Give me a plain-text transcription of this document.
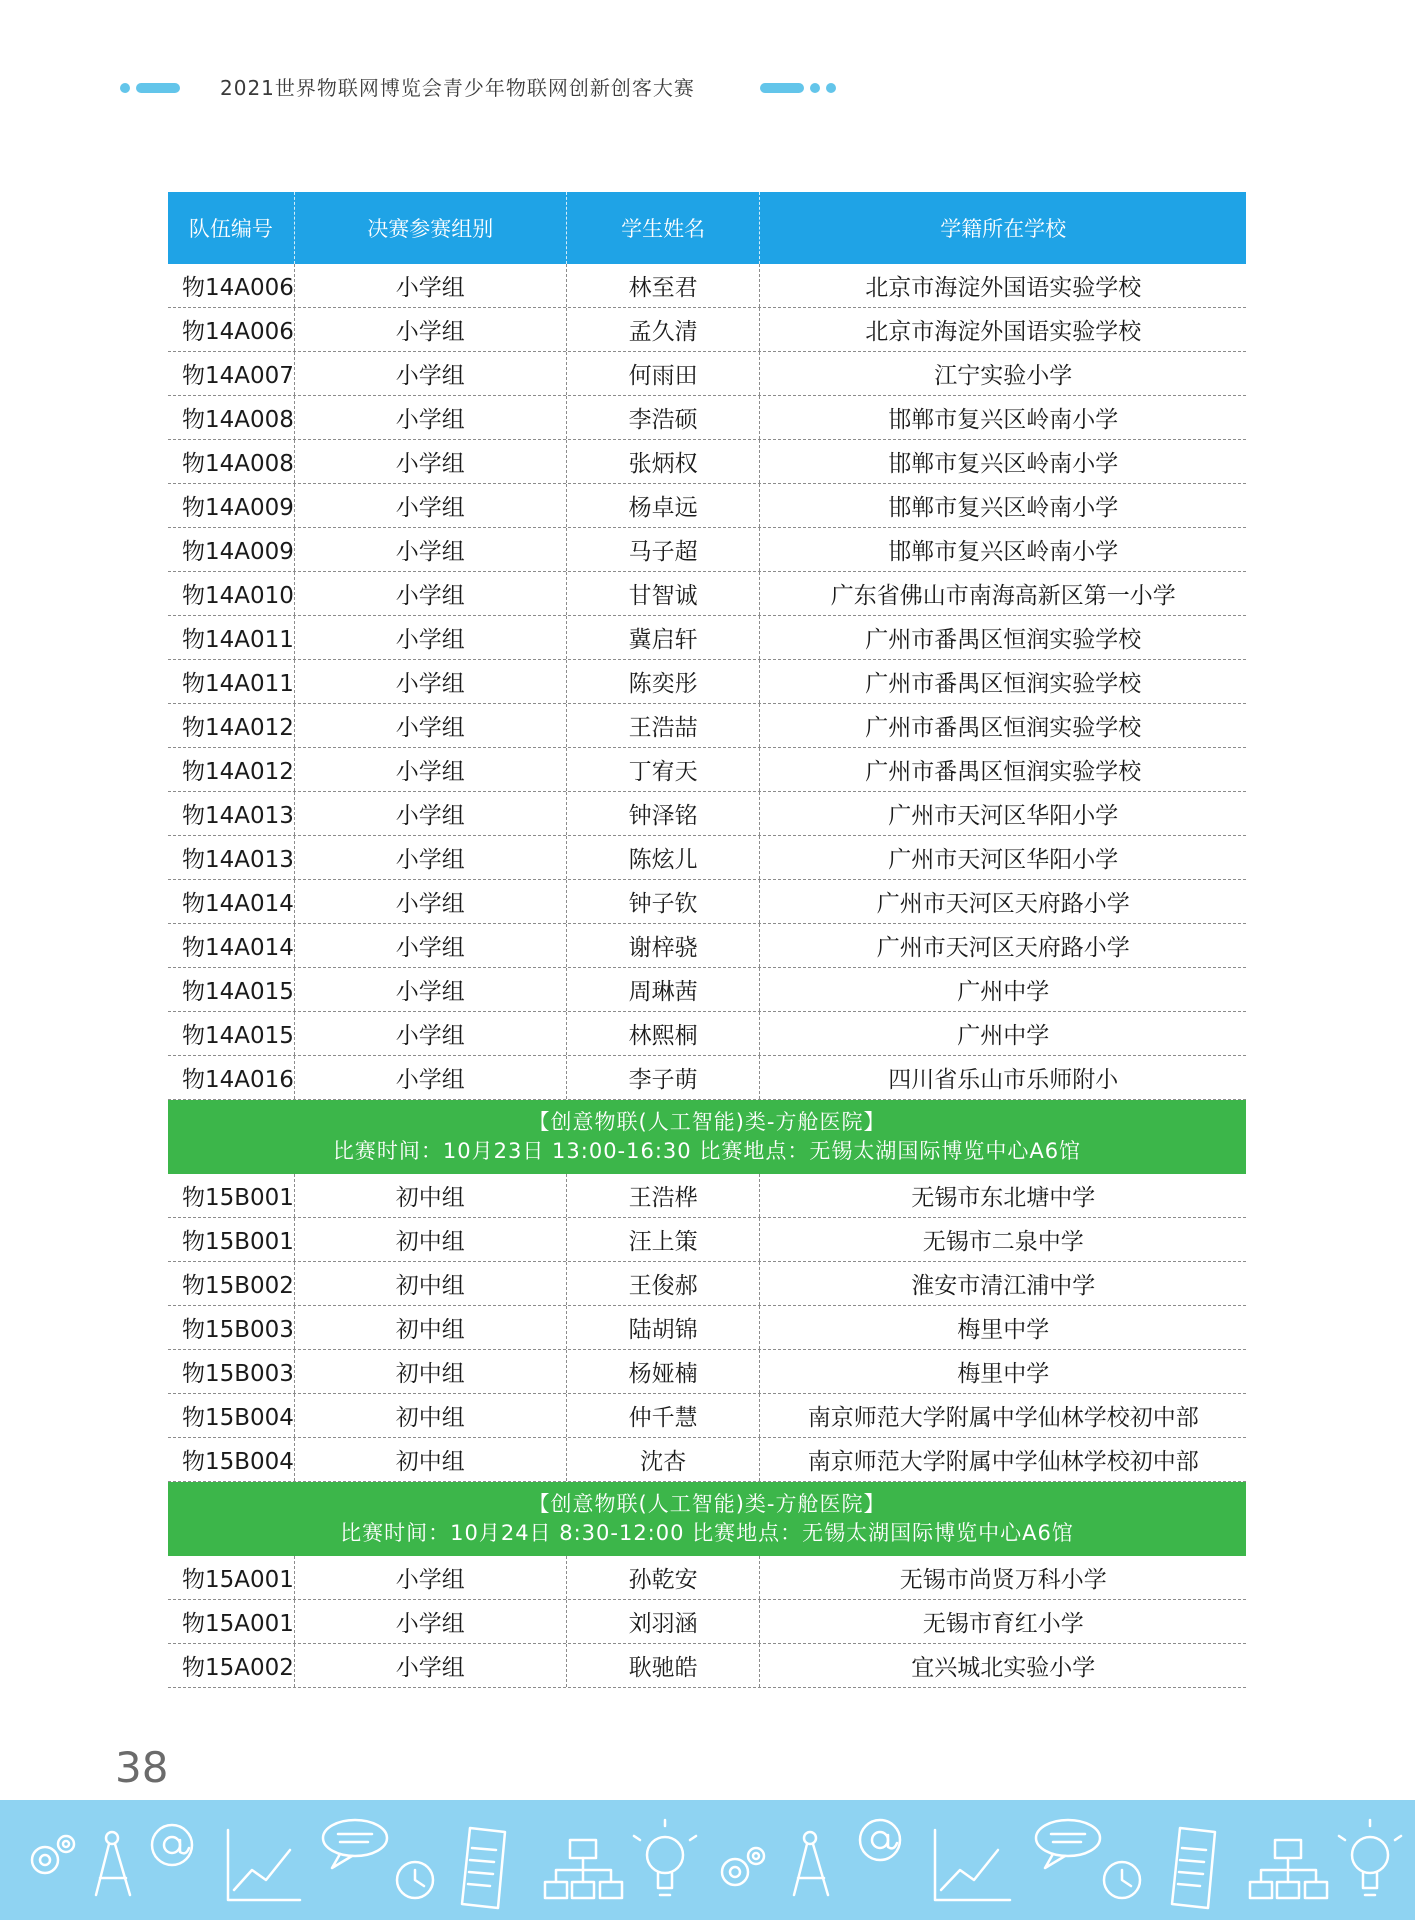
2021世界物联网博览会青少年物联网创新创客大赛
队伍编号	决赛参赛组别	学生姓名	学籍所在学校
物14A006	小学组	林至君	北京市海淀外国语实验学校
物14A006	小学组	孟久清	北京市海淀外国语实验学校
物14A007	小学组	何雨田	江宁实验小学
物14A008	小学组	李浩硕	邯郸市复兴区岭南小学
物14A008	小学组	张炳权	邯郸市复兴区岭南小学
物14A009	小学组	杨卓远	邯郸市复兴区岭南小学
物14A009	小学组	马子超	邯郸市复兴区岭南小学
物14A010	小学组	甘智诚	广东省佛山市南海高新区第一小学
物14A011	小学组	冀启轩	广州市番禺区恒润实验学校
物14A011	小学组	陈奕彤	广州市番禺区恒润实验学校
物14A012	小学组	王浩喆	广州市番禺区恒润实验学校
物14A012	小学组	丁宥天	广州市番禺区恒润实验学校
物14A013	小学组	钟泽铭	广州市天河区华阳小学
物14A013	小学组	陈炫儿	广州市天河区华阳小学
物14A014	小学组	钟子钦	广州市天河区天府路小学
物14A014	小学组	谢梓骁	广州市天河区天府路小学
物14A015	小学组	周琳茜	广州中学
物14A015	小学组	林熙桐	广州中学
物14A016	小学组	李子萌	四川省乐山市乐师附小
【创意物联(人工智能)类-方舱医院】
比赛时间：10月23日 13:00-16:30 比赛地点：无锡太湖国际博览中心A6馆
物15B001	初中组	王浩桦	无锡市东北塘中学
物15B001	初中组	汪上策	无锡市二泉中学
物15B002	初中组	王俊郝	淮安市清江浦中学
物15B003	初中组	陆胡锦	梅里中学
物15B003	初中组	杨娅楠	梅里中学
物15B004	初中组	仲千慧	南京师范大学附属中学仙林学校初中部
物15B004	初中组	沈杏	南京师范大学附属中学仙林学校初中部
【创意物联(人工智能)类-方舱医院】
比赛时间：10月24日 8:30-12:00 比赛地点：无锡太湖国际博览中心A6馆
物15A001	小学组	孙乾安	无锡市尚贤万科小学
物15A001	小学组	刘羽涵	无锡市育红小学
物15A002	小学组	耿驰皓	宜兴城北实验小学
38
